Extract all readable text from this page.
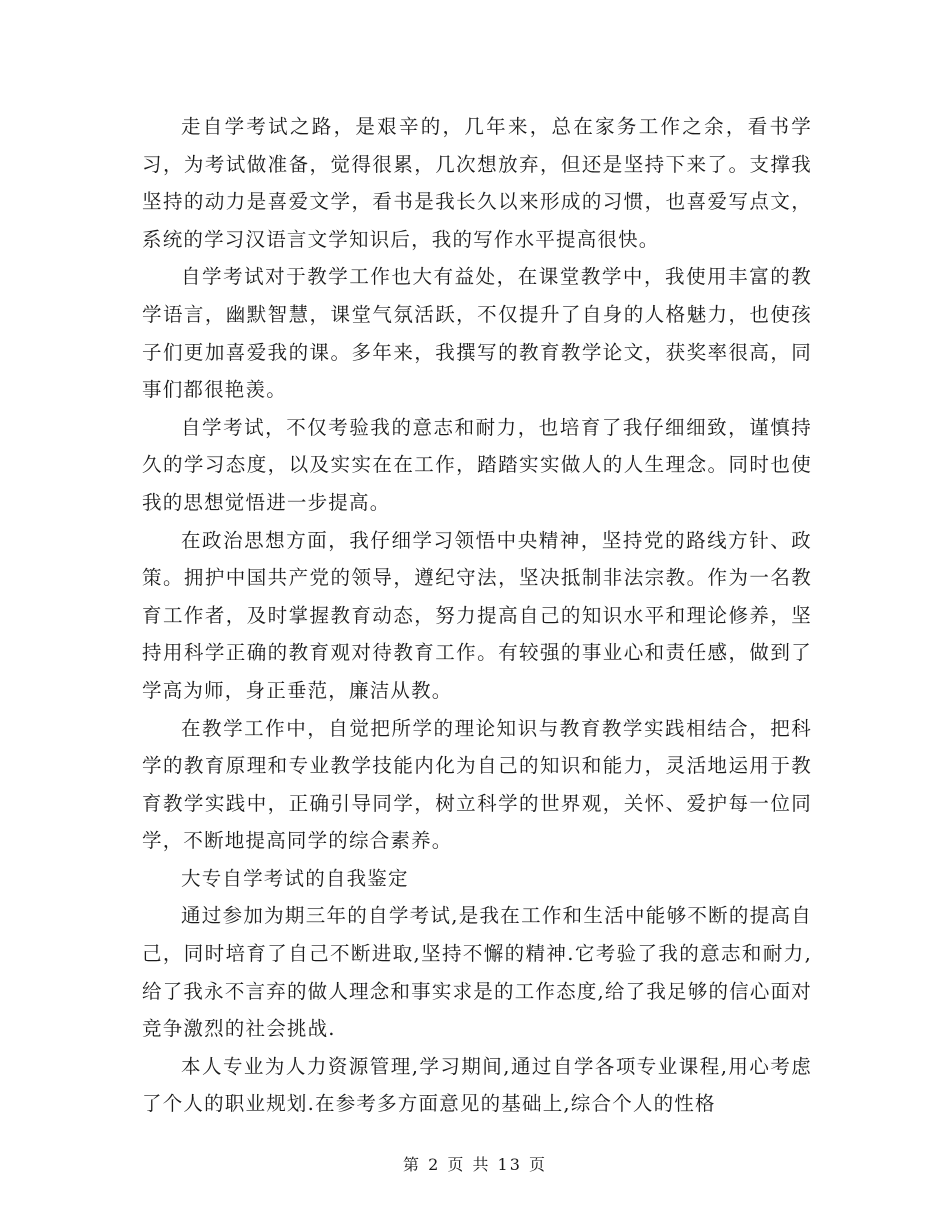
走自学考试之路，是艰辛的，几年来，总在家务工作之余，看书学习，为考试做准备，觉得很累，几次想放弃，但还是坚持下来了。支撑我坚持的动力是喜爱文学，看书是我长久以来形成的习惯，也喜爱写点文，系统的学习汉语言文学知识后，我的写作水平提高很快。

自学考试对于教学工作也大有益处，在课堂教学中，我使用丰富的教学语言，幽默智慧，课堂气氛活跃，不仅提升了自身的人格魅力，也使孩子们更加喜爱我的课。多年来，我撰写的教育教学论文，获奖率很高，同事们都很艳羡。

自学考试，不仅考验我的意志和耐力，也培育了我仔细细致，谨慎持久的学习态度，以及实实在在工作，踏踏实实做人的人生理念。同时也使我的思想觉悟进一步提高。

在政治思想方面，我仔细学习领悟中央精神，坚持党的路线方针、政策。拥护中国共产党的领导，遵纪守法，坚决抵制非法宗教。作为一名教育工作者，及时掌握教育动态，努力提高自己的知识水平和理论修养，坚持用科学正确的教育观对待教育工作。有较强的事业心和责任感，做到了学高为师，身正垂范，廉洁从教。

在教学工作中，自觉把所学的理论知识与教育教学实践相结合，把科学的教育原理和专业教学技能内化为自己的知识和能力，灵活地运用于教育教学实践中，正确引导同学，树立科学的世界观，关怀、爱护每一位同学，不断地提高同学的综合素养。

大专自学考试的自我鉴定

通过参加为期三年的自学考试,是我在工作和生活中能够不断的提高自己，同时培育了自己不断进取,坚持不懈的精神.它考验了我的意志和耐力,给了我永不言弃的做人理念和事实求是的工作态度,给了我足够的信心面对竞争激烈的社会挑战.

本人专业为人力资源管理,学习期间,通过自学各项专业课程,用心考虑了个人的职业规划.在参考多方面意见的基础上,综合个人的性格

第 2 页 共 13 页
